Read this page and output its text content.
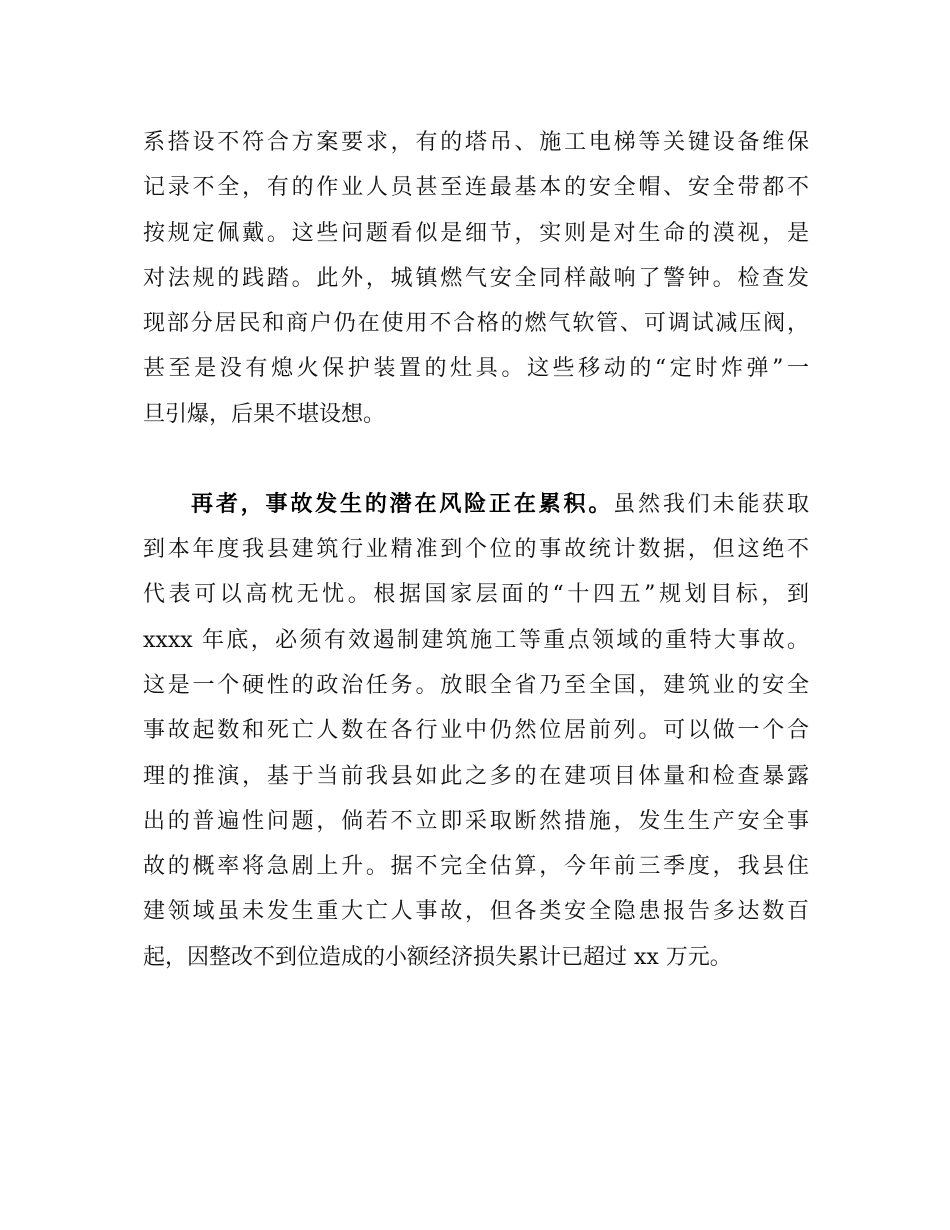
系搭设不符合方案要求，有的塔吊、施工电梯等关键设备维保
记录不全，有的作业人员甚至连最基本的安全帽、安全带都不
按规定佩戴。这些问题看似是细节，实则是对生命的漠视，是
对法规的践踏。此外，城镇燃气安全同样敲响了警钟。检查发
现部分居民和商户仍在使用不合格的燃气软管、可调试减压阀，
甚至是没有熄火保护装置的灶具。这些移动的“定时炸弹”一
旦引爆，后果不堪设想。
再者，事故发生的潜在风险正在累积。虽然我们未能获取
到本年度我县建筑行业精准到个位的事故统计数据，但这绝不
代表可以高枕无忧。根据国家层面的“十四五”规划目标，到
xxxx 年底，必须有效遏制建筑施工等重点领域的重特大事故。
这是一个硬性的政治任务。放眼全省乃至全国，建筑业的安全
事故起数和死亡人数在各行业中仍然位居前列。可以做一个合
理的推演，基于当前我县如此之多的在建项目体量和检查暴露
出的普遍性问题，倘若不立即采取断然措施，发生生产安全事
故的概率将急剧上升。据不完全估算，今年前三季度，我县住
建领域虽未发生重大亡人事故，但各类安全隐患报告多达数百
起，因整改不到位造成的小额经济损失累计已超过 xx 万元。
